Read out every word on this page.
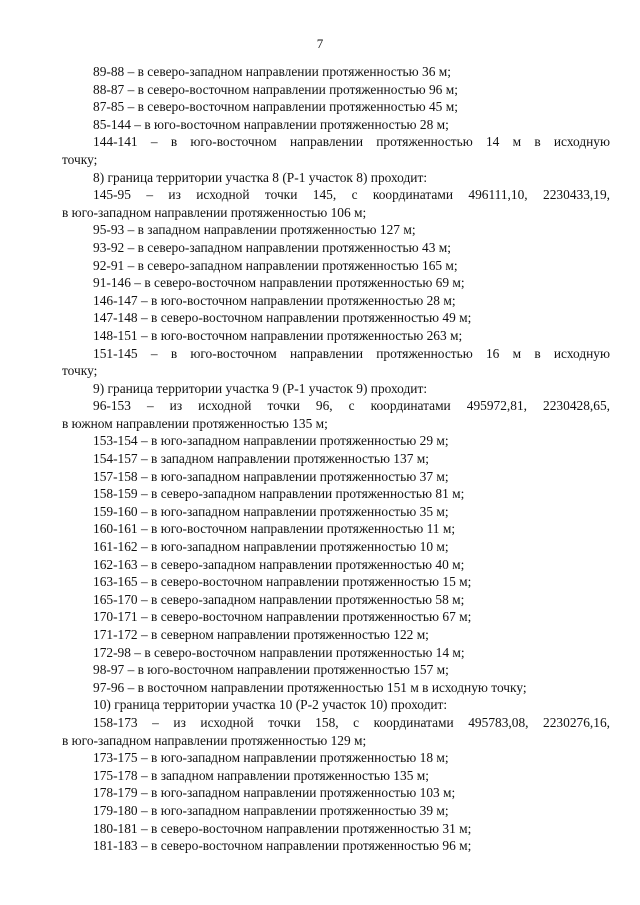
7
89-88 – в северо-западном направлении протяженностью 36 м;
88-87 – в северо-восточном направлении протяженностью 96 м;
87-85 – в северо-восточном направлении протяженностью 45 м;
85-144 – в юго-восточном направлении протяженностью 28 м;
144-141 – в юго-восточном направлении протяженностью 14 м в исходную
точку;
8) граница территории участка 8 (Р-1 участок 8) проходит:
145-95 – из исходной точки 145, с координатами 496111,10, 2230433,19,
в юго-западном направлении протяженностью 106 м;
95-93 – в западном направлении протяженностью 127 м;
93-92 – в северо-западном направлении протяженностью 43 м;
92-91 – в северо-западном направлении протяженностью 165 м;
91-146 – в северо-восточном направлении протяженностью 69 м;
146-147 – в юго-восточном направлении протяженностью 28 м;
147-148 – в северо-восточном направлении протяженностью 49 м;
148-151 – в юго-восточном направлении протяженностью 263 м;
151-145 – в юго-восточном направлении протяженностью 16 м в исходную
точку;
9) граница территории участка 9 (Р-1 участок 9) проходит:
96-153 – из исходной точки 96, с координатами 495972,81, 2230428,65,
в южном направлении протяженностью 135 м;
153-154 – в юго-западном направлении протяженностью 29 м;
154-157 – в западном направлении протяженностью 137 м;
157-158 – в юго-западном направлении протяженностью 37 м;
158-159 – в северо-западном направлении протяженностью 81 м;
159-160 – в юго-западном направлении протяженностью 35 м;
160-161 – в юго-восточном направлении протяженностью 11 м;
161-162 – в юго-западном направлении протяженностью 10 м;
162-163 – в северо-западном направлении протяженностью 40 м;
163-165 – в северо-восточном направлении протяженностью 15 м;
165-170 – в северо-западном направлении протяженностью 58 м;
170-171 – в северо-восточном направлении протяженностью 67 м;
171-172 – в северном направлении протяженностью 122 м;
172-98 – в северо-восточном направлении протяженностью 14 м;
98-97 – в юго-восточном направлении протяженностью 157 м;
97-96 – в восточном направлении протяженностью 151 м в исходную точку;
10) граница территории участка 10 (Р-2 участок 10) проходит:
158-173 – из исходной точки 158, с координатами 495783,08, 2230276,16,
в юго-западном направлении протяженностью 129 м;
173-175 – в юго-западном направлении протяженностью 18 м;
175-178 – в западном направлении протяженностью 135 м;
178-179 – в юго-западном направлении протяженностью 103 м;
179-180 – в юго-западном направлении протяженностью 39 м;
180-181 – в северо-восточном направлении протяженностью 31 м;
181-183 – в северо-восточном направлении протяженностью 96 м;
